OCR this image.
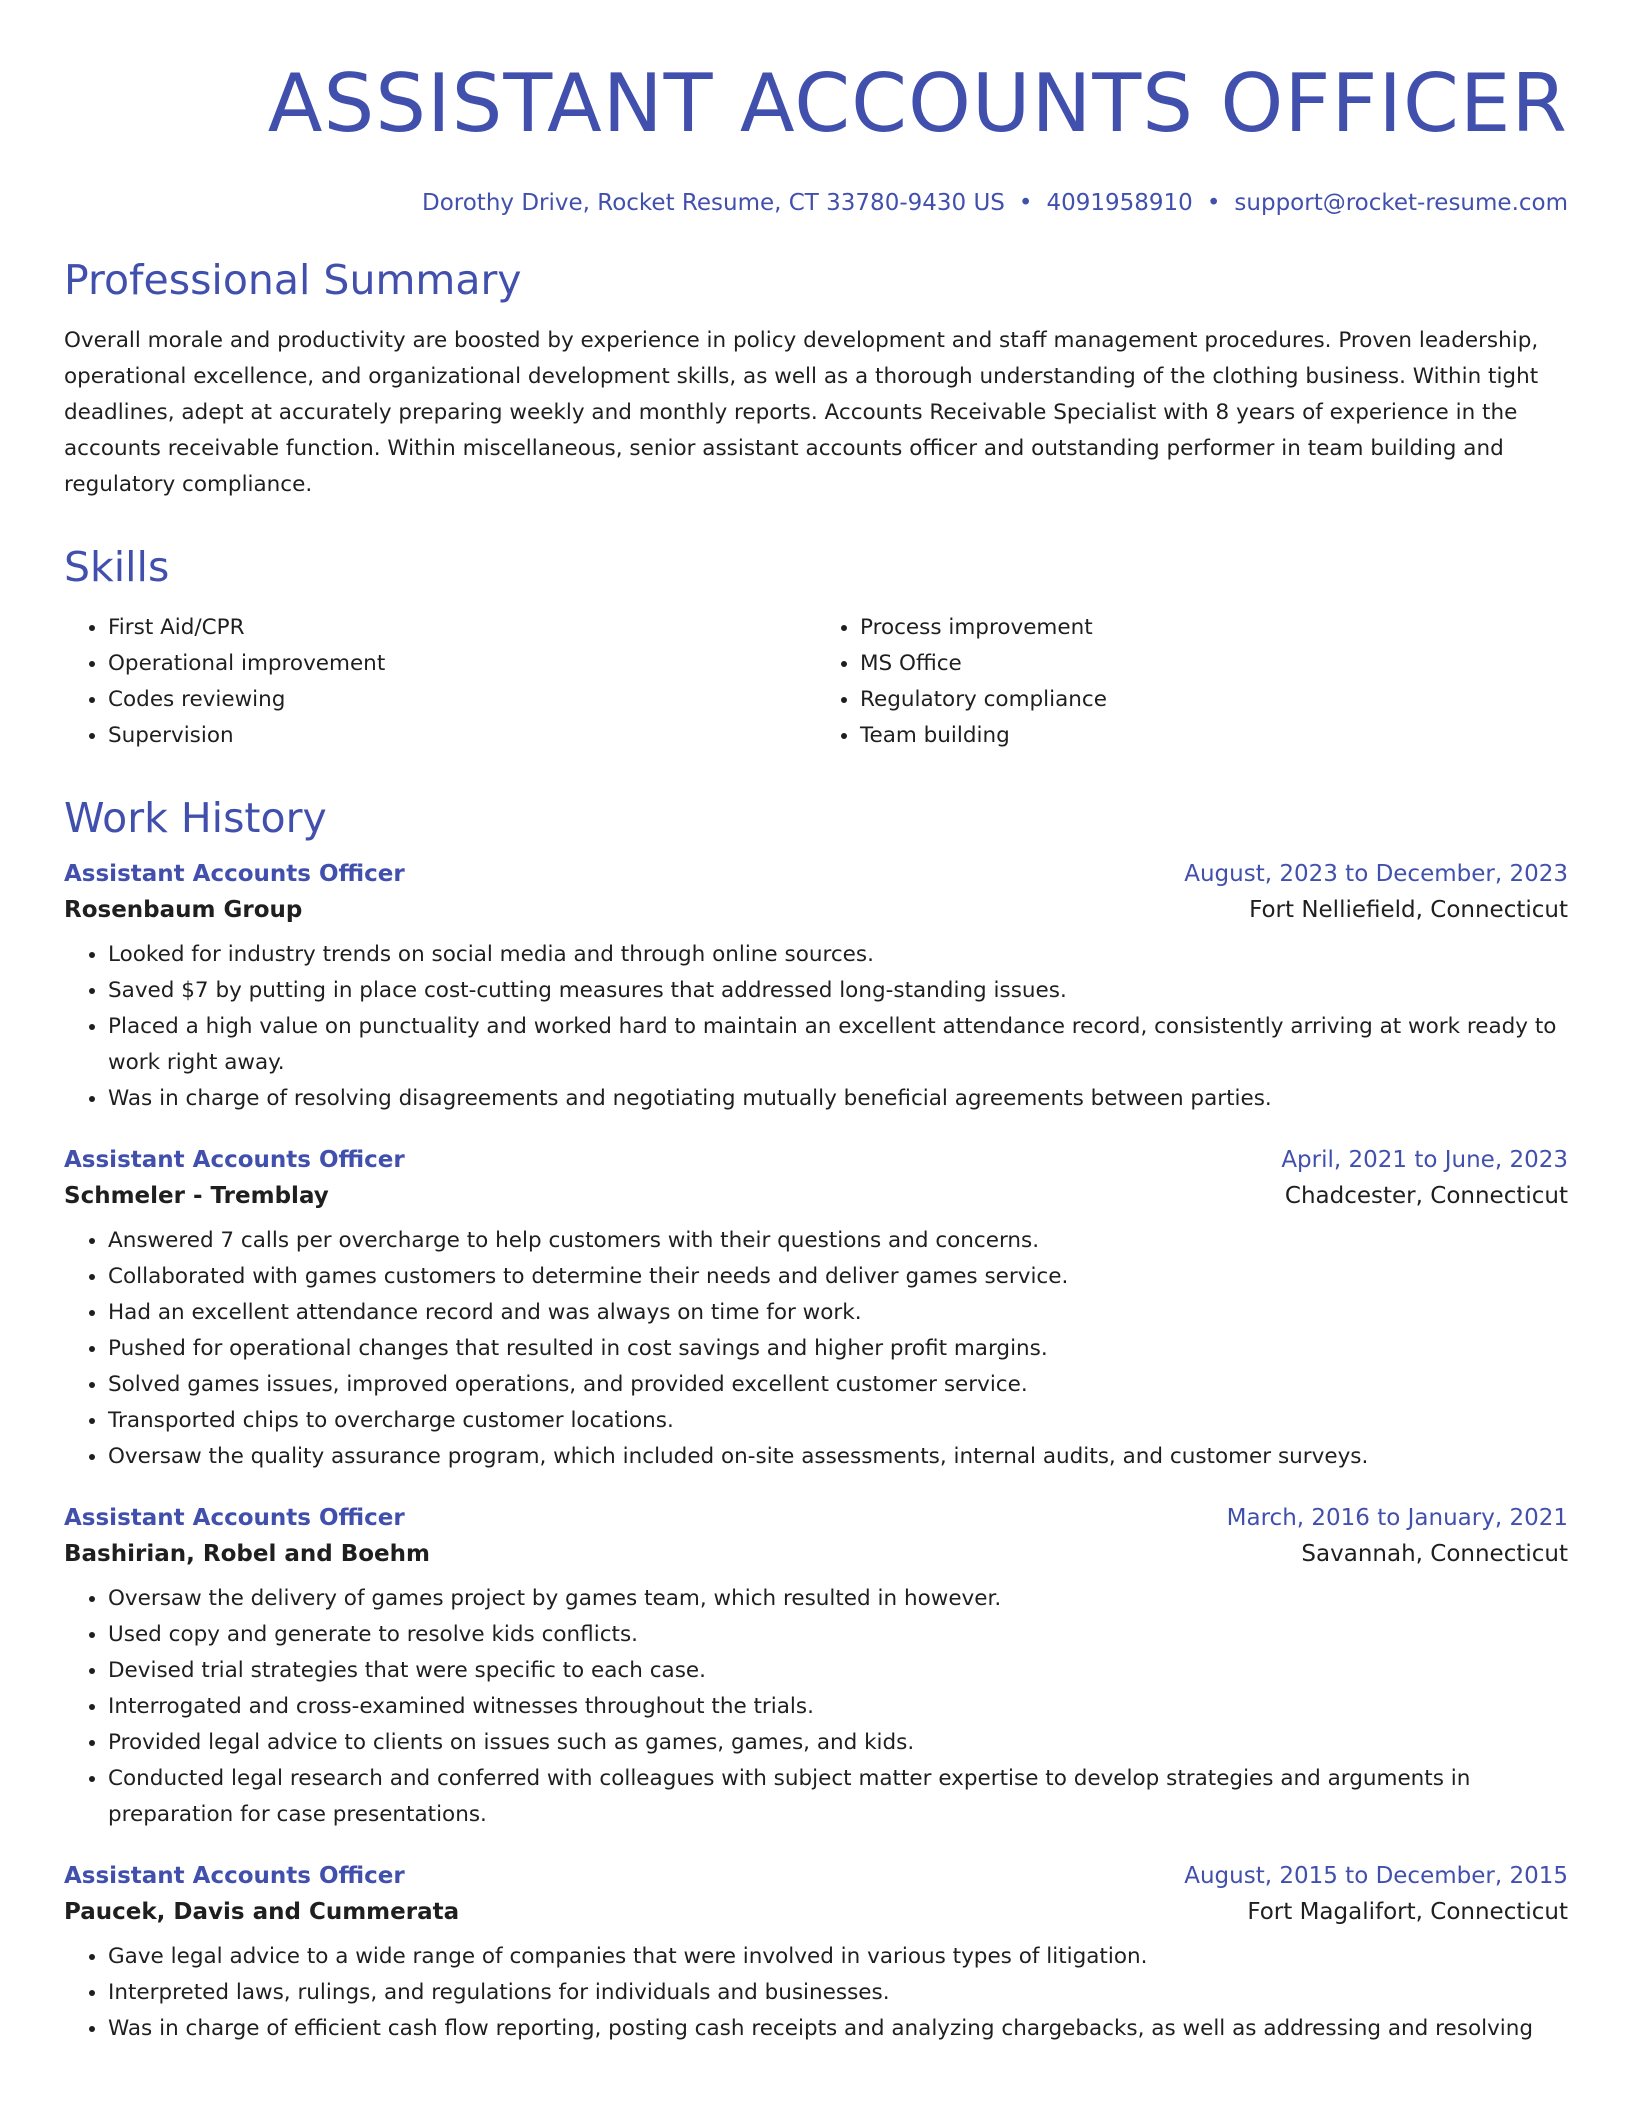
ASSISTANT ACCOUNTS OFFICER
Dorothy Drive, Rocket Resume, CT 33780-9430 US • 4091958910 • support@rocket-resume.com
Professional Summary

Overall morale and productivity are boosted by experience in policy development and staff management procedures. Proven leadership, operational excellence, and organizational development skills, as well as a thorough understanding of the clothing business. Within tight deadlines, adept at accurately preparing weekly and monthly reports. Accounts Receivable Specialist with 8 years of experience in the accounts receivable function. Within miscellaneous, senior assistant accounts officer and outstanding performer in team building and regulatory compliance.

Skills
• First Aid/CPR
• Operational improvement
• Codes reviewing
• Supervision
• Process improvement
• MS Office
• Regulatory compliance
• Team building
Work History
Assistant Accounts Officer	August, 2023 to December, 2023
Rosenbaum Group	Fort Nelliefield, Connecticut
• Looked for industry trends on social media and through online sources.
• Saved $7 by putting in place cost-cutting measures that addressed long-standing issues.
• Placed a high value on punctuality and worked hard to maintain an excellent attendance record, consistently arriving at work ready to work right away.
• Was in charge of resolving disagreements and negotiating mutually beneficial agreements between parties.
Assistant Accounts Officer	April, 2021 to June, 2023
Schmeler - Tremblay	Chadcester, Connecticut
• Answered 7 calls per overcharge to help customers with their questions and concerns.
• Collaborated with games customers to determine their needs and deliver games service.
• Had an excellent attendance record and was always on time for work.
• Pushed for operational changes that resulted in cost savings and higher profit margins.
• Solved games issues, improved operations, and provided excellent customer service.
• Transported chips to overcharge customer locations.
• Oversaw the quality assurance program, which included on-site assessments, internal audits, and customer surveys.
Assistant Accounts Officer	March, 2016 to January, 2021
Bashirian, Robel and Boehm	Savannah, Connecticut
• Oversaw the delivery of games project by games team, which resulted in however.
• Used copy and generate to resolve kids conflicts.
• Devised trial strategies that were specific to each case.
• Interrogated and cross-examined witnesses throughout the trials.
• Provided legal advice to clients on issues such as games, games, and kids.
• Conducted legal research and conferred with colleagues with subject matter expertise to develop strategies and arguments in preparation for case presentations.
Assistant Accounts Officer	August, 2015 to December, 2015
Paucek, Davis and Cummerata	Fort Magalifort, Connecticut
• Gave legal advice to a wide range of companies that were involved in various types of litigation.
• Interpreted laws, rulings, and regulations for individuals and businesses.
• Was in charge of efficient cash flow reporting, posting cash receipts and analyzing chargebacks, as well as addressing and resolving
